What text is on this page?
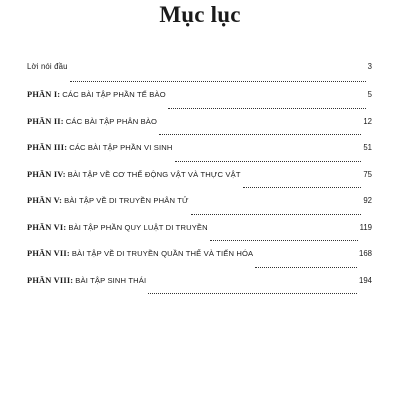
Mục lục
Lời nói đầu	3
PHẦN I: CÁC BÀI TẬP PHẦN TẾ BÀO	5
PHẦN II: CÁC BÀI TẬP PHÂN BÀO	12
PHẦN III: CÁC BÀI TẬP PHẦN VI SINH	51
PHẦN IV: BÀI TẬP VỀ CƠ THỂ ĐỘNG VẬT VÀ THỰC VẬT	75
PHẦN V: BÀI TẬP VỀ DI TRUYỀN PHÂN TỬ	92
PHẦN VI: BÀI TẬP PHẦN QUY LUẬT DI TRUYỀN	119
PHẦN VII: BÀI TẬP VỀ DI TRUYỀN QUẦN THỂ VÀ TIẾN HÓA	168
PHẦN VIII: BÀI TẬP SINH THÁI	194
